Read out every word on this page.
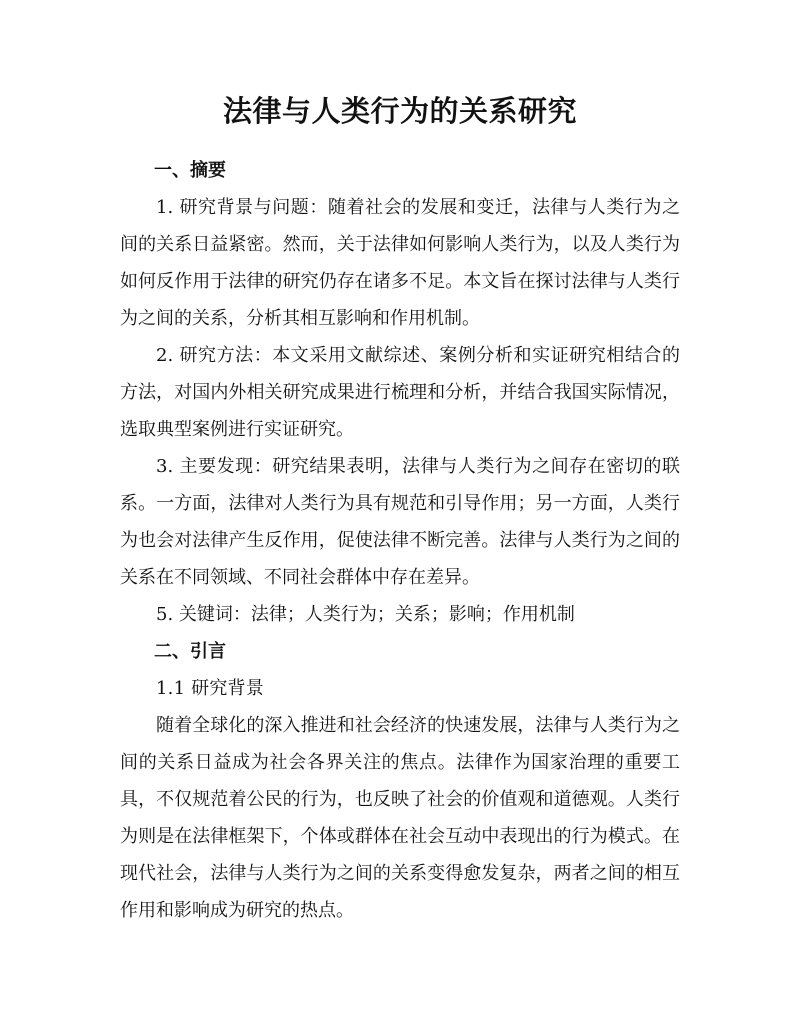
法律与人类行为的关系研究
一、摘要

1. 研究背景与问题：随着社会的发展和变迁，法律与人类行为之间的关系日益紧密。然而，关于法律如何影响人类行为，以及人类行为如何反作用于法律的研究仍存在诸多不足。本文旨在探讨法律与人类行为之间的关系，分析其相互影响和作用机制。

2. 研究方法：本文采用文献综述、案例分析和实证研究相结合的方法，对国内外相关研究成果进行梳理和分析，并结合我国实际情况，选取典型案例进行实证研究。

3. 主要发现：研究结果表明，法律与人类行为之间存在密切的联系。一方面，法律对人类行为具有规范和引导作用；另一方面，人类行为也会对法律产生反作用，促使法律不断完善。法律与人类行为之间的关系在不同领域、不同社会群体中存在差异。

5. 关键词：法律；人类行为；关系；影响；作用机制

二、引言

1.1 研究背景

随着全球化的深入推进和社会经济的快速发展，法律与人类行为之间的关系日益成为社会各界关注的焦点。法律作为国家治理的重要工具，不仅规范着公民的行为，也反映了社会的价值观和道德观。人类行为则是在法律框架下，个体或群体在社会互动中表现出的行为模式。在现代社会，法律与人类行为之间的关系变得愈发复杂，两者之间的相互作用和影响成为研究的热点。
